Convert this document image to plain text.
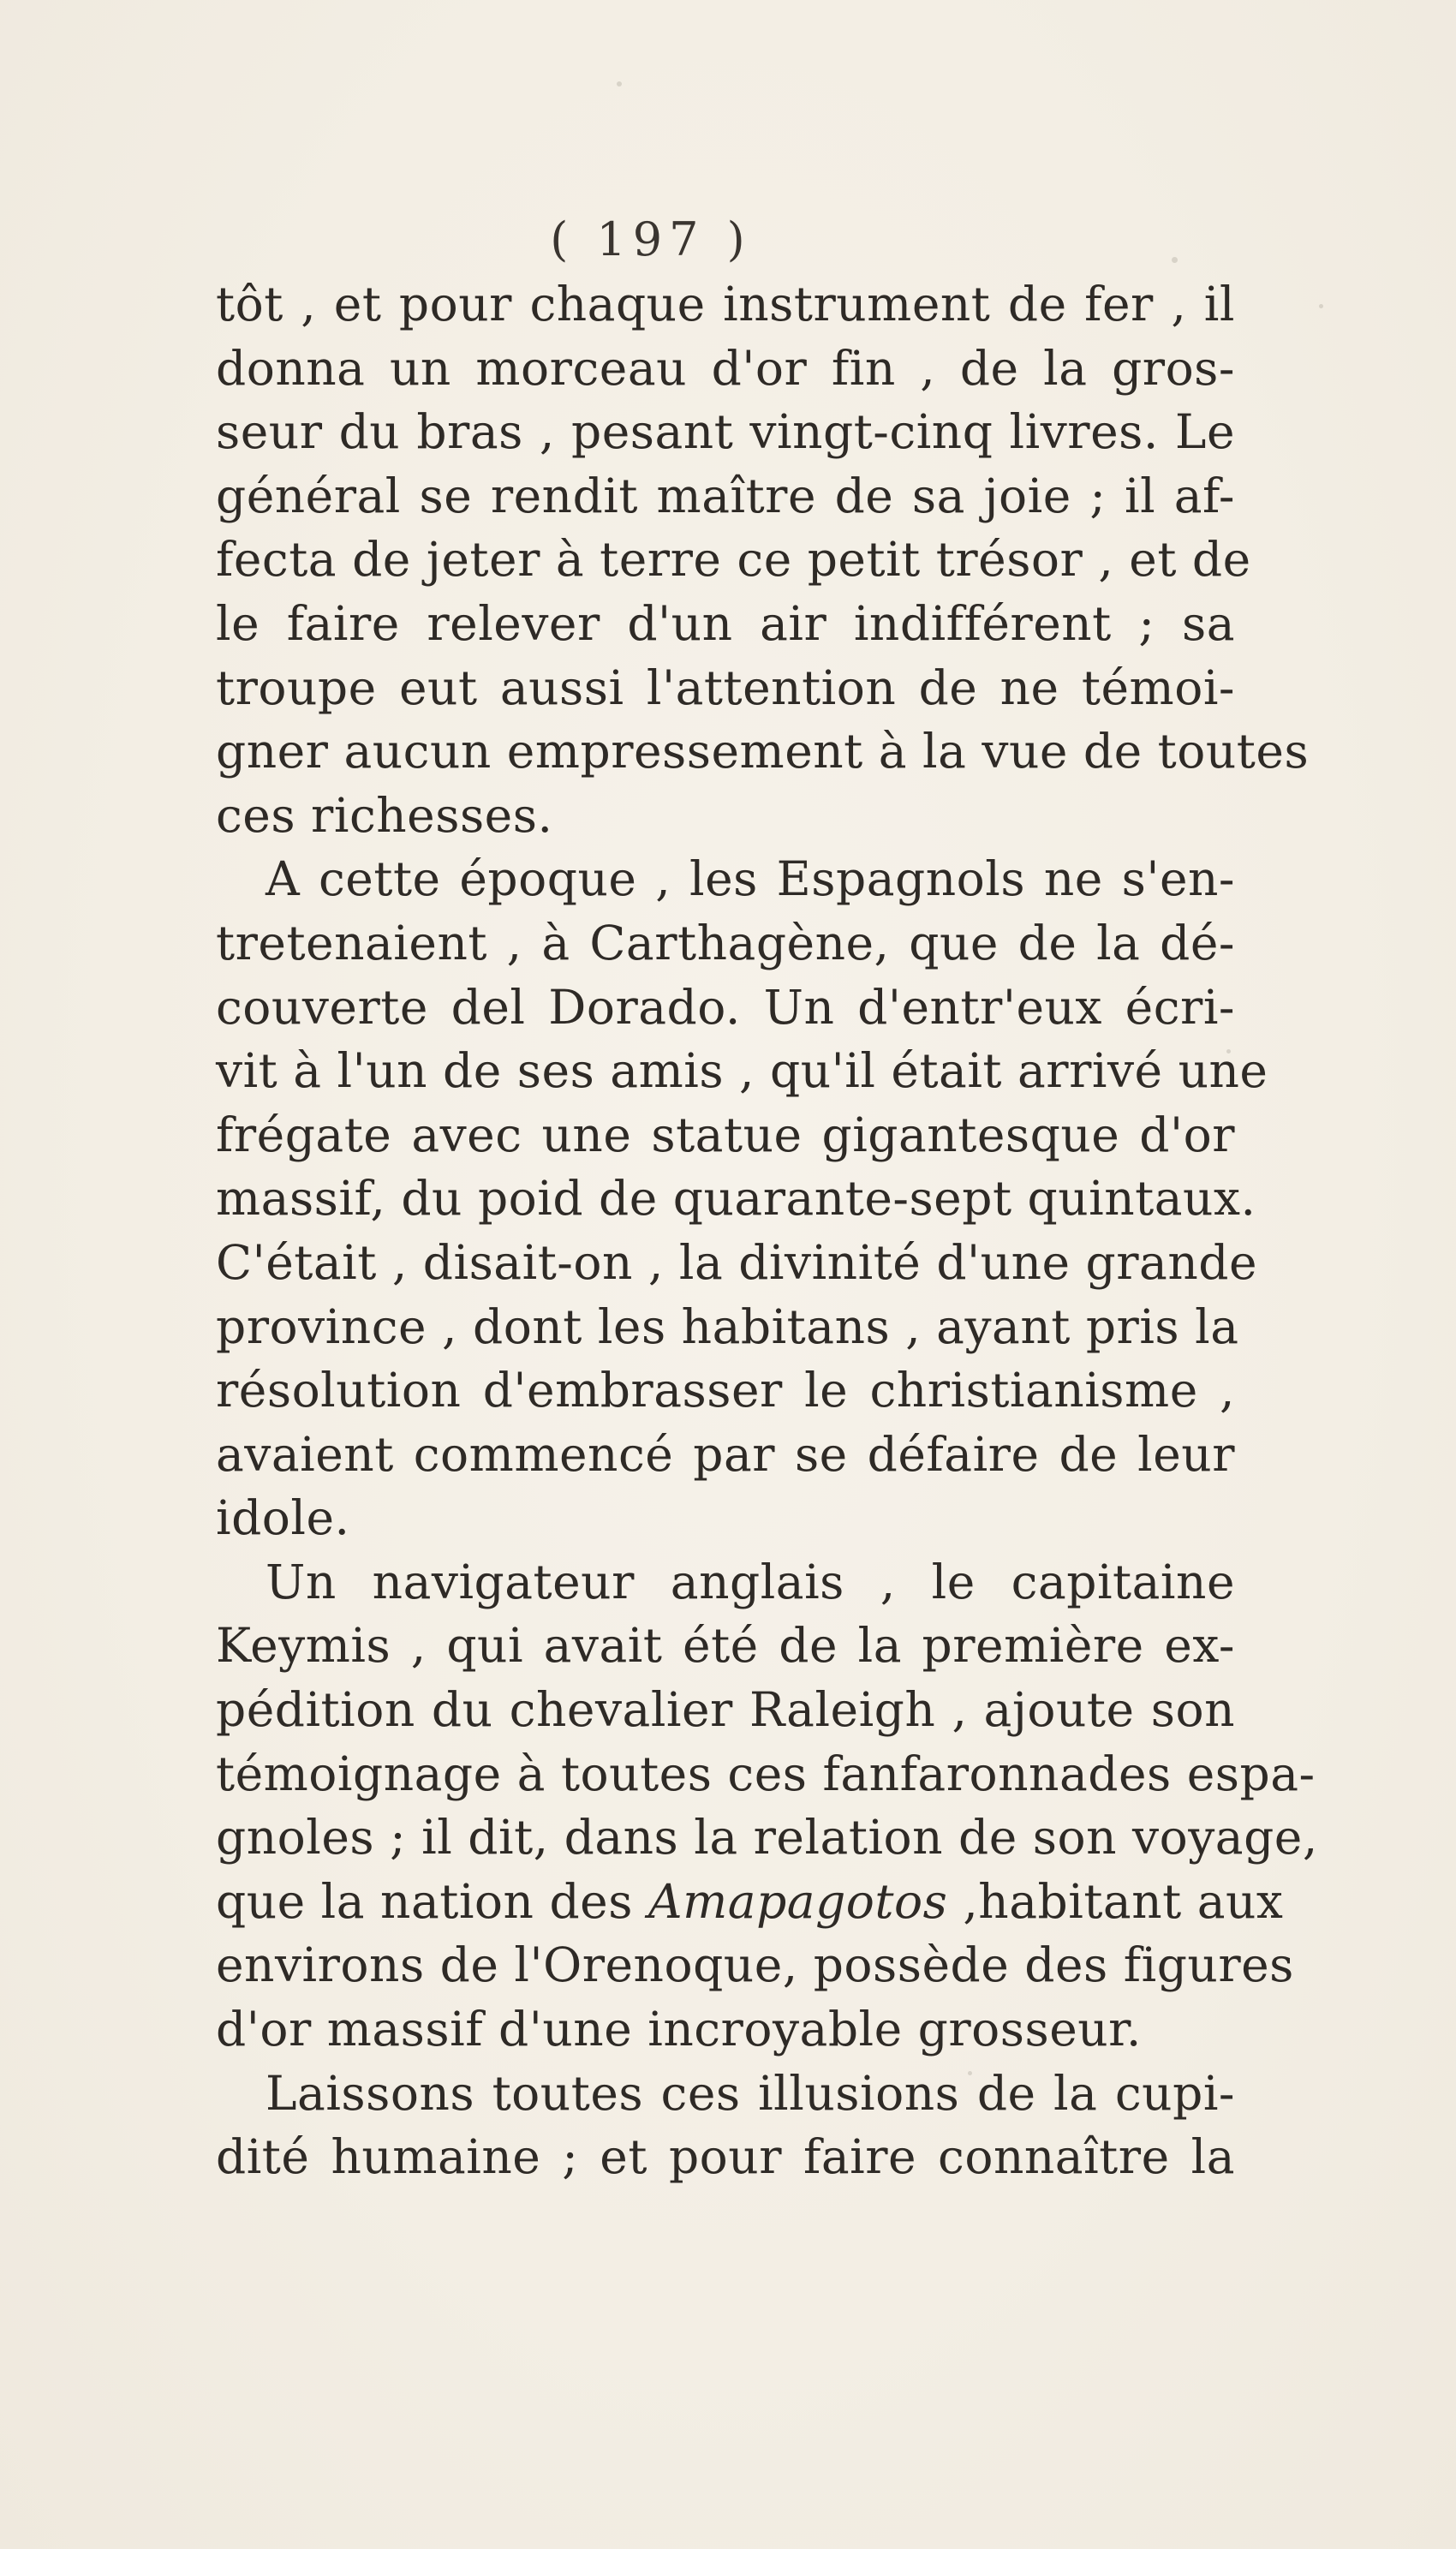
( 197 )
tôt , et pour chaque instrument de fer , il
donna un morceau d'or fin , de la gros-
seur du bras , pesant vingt-cinq livres. Le
général se rendit maître de sa joie ; il af-
fecta de jeter à terre ce petit trésor , et de
le faire relever d'un air indifférent ; sa
troupe eut aussi l'attention de ne témoi-
gner aucun empressement à la vue de toutes
ces richesses.
A cette époque , les Espagnols ne s'en-
tretenaient , à Carthagène, que de la dé-
couverte del Dorado. Un d'entr'eux écri-
vit à l'un de ses amis , qu'il était arrivé une
frégate avec une statue gigantesque d'or
massif, du poid de quarante-sept quintaux.
C'était , disait-on , la divinité d'une grande
province , dont les habitans , ayant pris la
résolution d'embrasser le christianisme ,
avaient commencé par se défaire de leur
idole.
Un navigateur anglais , le capitaine
Keymis , qui avait été de la première ex-
pédition du chevalier Raleigh , ajoute son
témoignage à toutes ces fanfaronnades espa-
gnoles ; il dit, dans la relation de son voyage,
que la nation des Amapagotos ,habitant aux
environs de l'Orenoque, possède des figures
d'or massif d'une incroyable grosseur.
Laissons toutes ces illusions de la cupi-
dité humaine ; et pour faire connaître la
